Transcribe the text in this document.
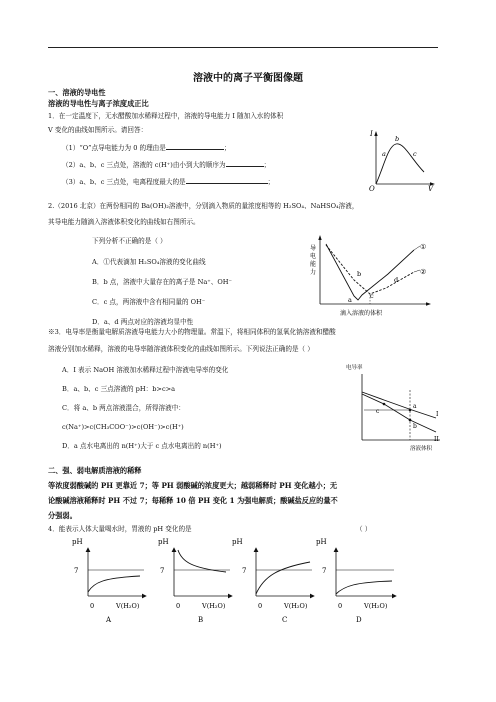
溶液中的离子平衡图像题
一、溶液的导电性
溶液的导电性与离子浓度成正比
1．在一定温度下，无水醋酸加水稀释过程中，溶液的导电能力 I 随加入水的体积
V 变化的曲线如图所示。请回答：
（1）“O”点导电能力为 0 的理由是	；
（2）a、b、c 三点处，溶液的 c(H⁺)由小到大的顺序为	；
（3）a、b、c 三点处，电离程度最大的是	；
I
V
O
a
b
c
2.（2016 北京）在两份相同的 Ba(OH)₂溶液中，分别滴入物质的量浓度相等的 H₂SO₄、NaHSO₄溶液，
其导电能力随滴入溶液体积变化的曲线如右图所示。
下列分析不正确的是（ ）
A．①代表滴加 H₂SO₄溶液的变化曲线
B．b 点，溶液中大量存在的离子是 Na⁺、OH⁻
C．c 点，两溶液中含有相同量的 OH⁻
D．a、d 两点对应的溶液均显中性
①
②
a
b
c
d
滴入溶液的体积
导
电
能
力
※3．电导率是衡量电解质溶液导电能力大小的物理量。常温下，将相同体积的氢氧化钠溶液和醋酸
溶液分别加水稀释，溶液的电导率随溶液体积变化的曲线如图所示。下列说法正确的是（ ）
A．I 表示 NaOH 溶液加水稀释过程中溶液电导率的变化
B．a、b、c 三点溶液的 pH：b>c>a
C．将 a、b 两点溶液混合，所得溶液中：
c(Na⁺)>c(CH₃COO⁻)>c(OH⁻)>c(H⁺)
D．a 点水电离出的 n(H⁺)大于 c 点水电离出的 n(H⁺)
电导率
溶液体积
a
b
c	I
II
二、强、弱电解质溶液的稀释
等浓度弱酸碱的 PH 更靠近 7；等 PH 弱酸碱的浓度更大；越弱稀释时 PH 变化越小；无
论酸碱溶液稀释时 PH 不过 7；每稀释 10 倍 PH 变化 1 为强电解质；酸碱盐反应的量不
分强弱。
4．能表示人体大量喝水时，胃液的 pH 变化的是	（ ）
pH
7
0	V(H₂O)
A
pH
7
0	V(H₂O)
B
pH
7
0	V(H₂O)
C
pH
7
0	V(H₂O)
D
